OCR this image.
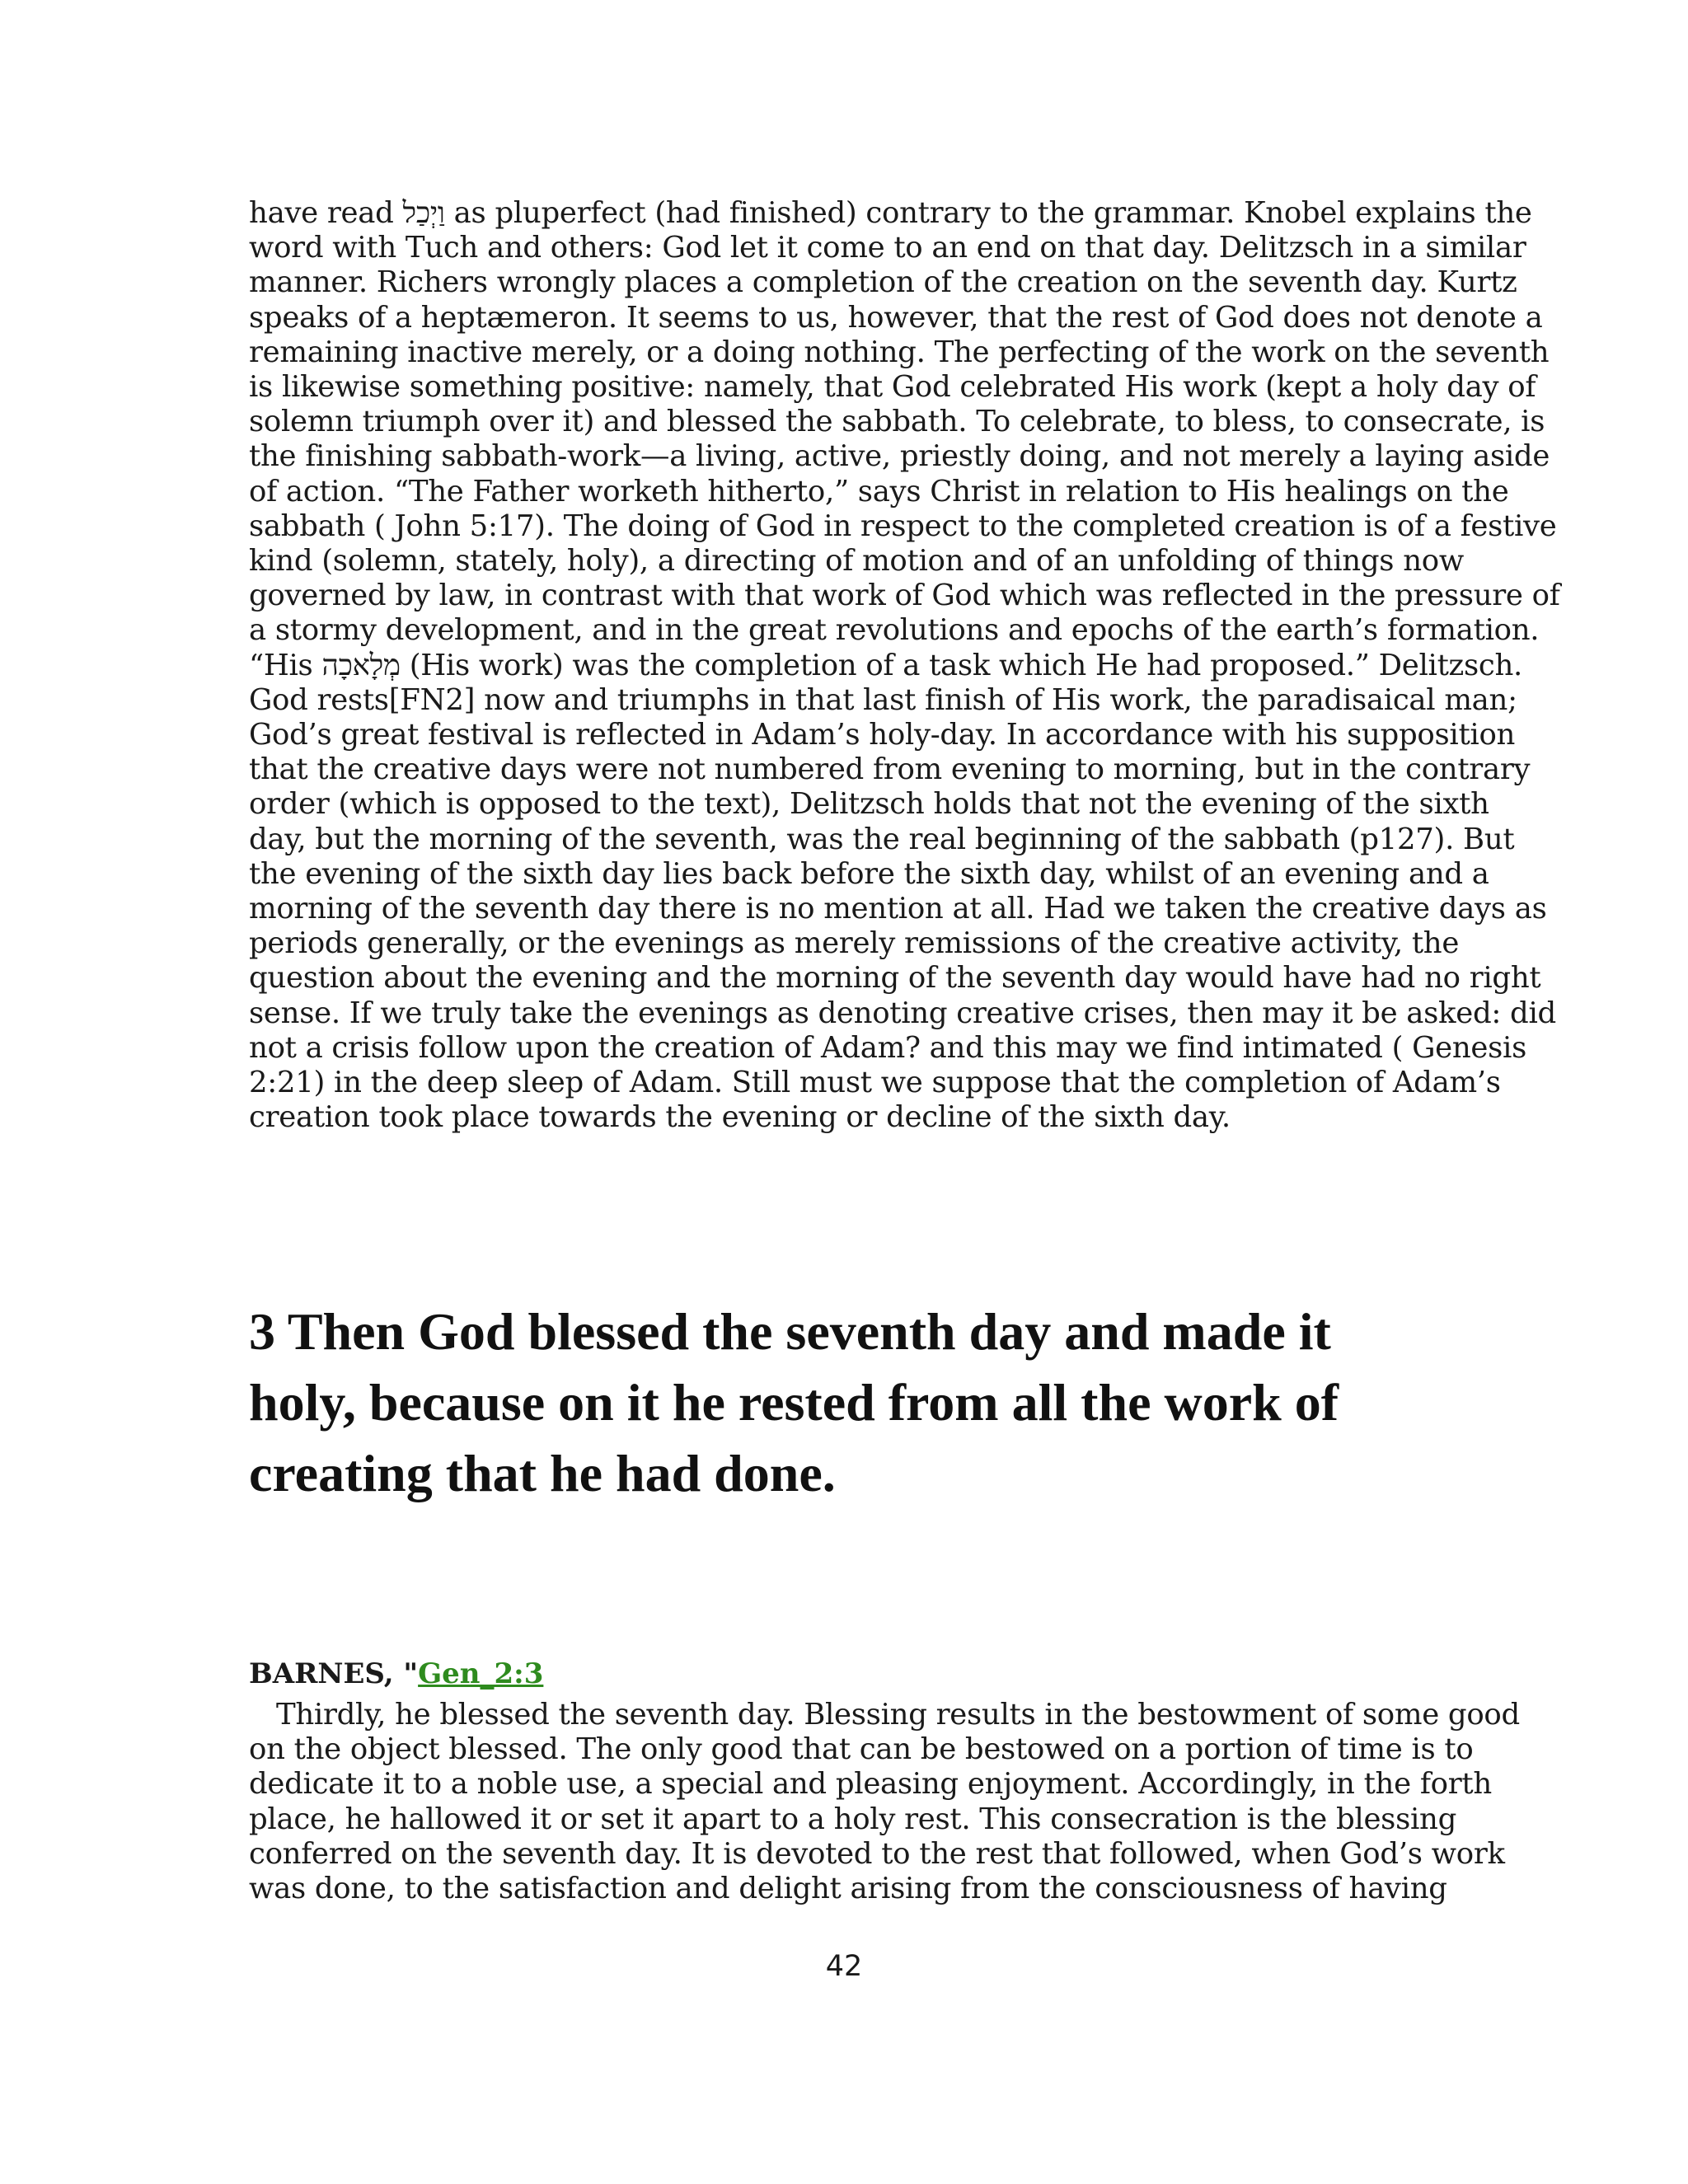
have read וַיְכַל as pluperfect (had finished) contrary to the grammar. Knobel explains the
word with Tuch and others: God let it come to an end on that day. Delitzsch in a similar
manner. Richers wrongly places a completion of the creation on the seventh day. Kurtz
speaks of a heptæmeron. It seems to us, however, that the rest of God does not denote a
remaining inactive merely, or a doing nothing. The perfecting of the work on the seventh
is likewise something positive: namely, that God celebrated His work (kept a holy day of
solemn triumph over it) and blessed the sabbath. To celebrate, to bless, to consecrate, is
the finishing sabbath-work—a living, active, priestly doing, and not merely a laying aside
of action. “The Father worketh hitherto,” says Christ in relation to His healings on the
sabbath ( John 5:17). The doing of God in respect to the completed creation is of a festive
kind (solemn, stately, holy), a directing of motion and of an unfolding of things now
governed by law, in contrast with that work of God which was reflected in the pressure of
a stormy development, and in the great revolutions and epochs of the earth’s formation.
“His מְלָאכָה (His work) was the completion of a task which He had proposed.” Delitzsch.
God rests[FN2] now and triumphs in that last finish of His work, the paradisaical man;
God’s great festival is reflected in Adam’s holy-day. In accordance with his supposition
that the creative days were not numbered from evening to morning, but in the contrary
order (which is opposed to the text), Delitzsch holds that not the evening of the sixth
day, but the morning of the seventh, was the real beginning of the sabbath (p127). But
the evening of the sixth day lies back before the sixth day, whilst of an evening and a
morning of the seventh day there is no mention at all. Had we taken the creative days as
periods generally, or the evenings as merely remissions of the creative activity, the
question about the evening and the morning of the seventh day would have had no right
sense. If we truly take the evenings as denoting creative crises, then may it be asked: did
not a crisis follow upon the creation of Adam? and this may we find intimated ( Genesis
2:21) in the deep sleep of Adam. Still must we suppose that the completion of Adam’s
creation took place towards the evening or decline of the sixth day.
3 Then God blessed the seventh day and made it
holy, because on it he rested from all the work of
creating that he had done.
BARNES, "Gen_2:3
Thirdly, he blessed the seventh day. Blessing results in the bestowment of some good
on the object blessed. The only good that can be bestowed on a portion of time is to
dedicate it to a noble use, a special and pleasing enjoyment. Accordingly, in the forth
place, he hallowed it or set it apart to a holy rest. This consecration is the blessing
conferred on the seventh day. It is devoted to the rest that followed, when God’s work
was done, to the satisfaction and delight arising from the consciousness of having
42
